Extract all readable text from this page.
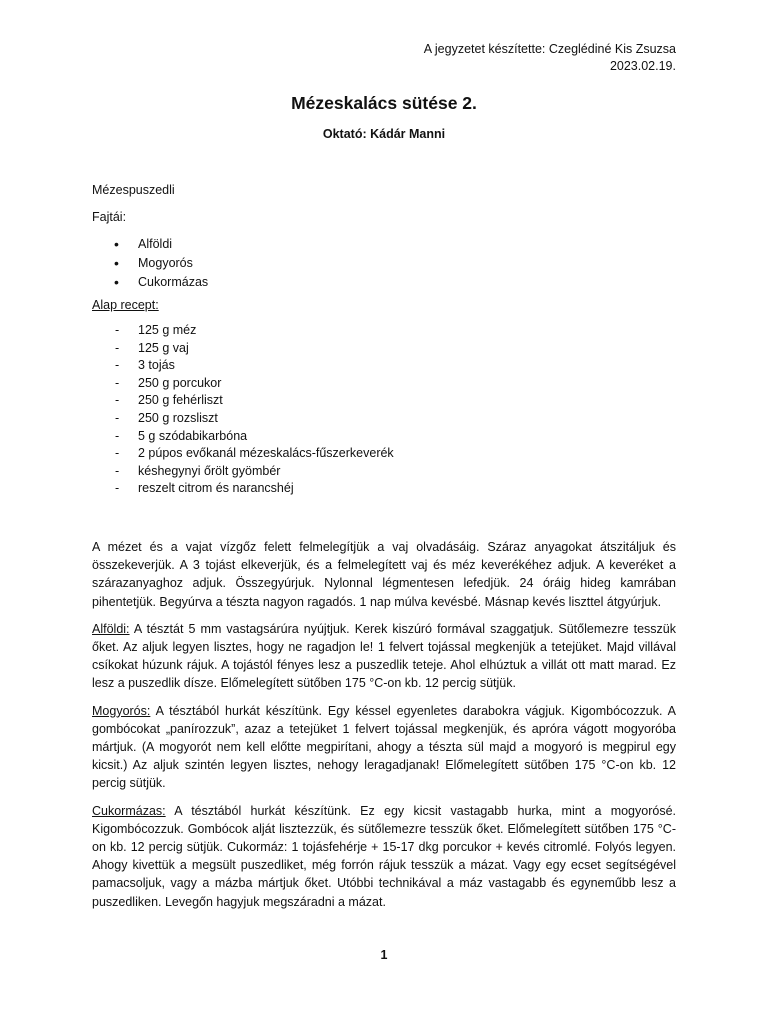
A jegyzetet készítette: Czeglédiné Kis Zsuzsa
2023.02.19.
Mézeskalács sütése 2.
Oktató: Kádár Manni

Mézespuszedli

Fajtái:

• Alföldi
• Mogyorós
• Cukormázas

Alap recept:

- 125 g méz
- 125 g vaj
- 3 tojás
- 250 g porcukor
- 250 g fehérliszt
- 250 g rozsliszt
- 5 g szódabikarbóna
- 2 púpos evőkanál mézeskalács-fűszerkeverék
- késhegynyi őrölt gyömbér
- reszelt citrom és narancshéj

A mézet és a vajat vízgőz felett felmelegítjük a vaj olvadásáig. Száraz anyagokat átszitáljuk és összekeverjük. A 3 tojást elkeverjük, és a felmelegített vaj és méz keverékéhez adjuk. A keveréket a szárazanyaghoz adjuk. Összegyúrjuk. Nylonnal légmentesen lefedjük. 24 óráig hideg kamrában pihentetjük. Begyúrva a tészta nagyon ragadós. 1 nap múlva kevésbé. Másnap kevés liszttel átgyúrjuk.

Alföldi: A tésztát 5 mm vastagsárúra nyújtjuk. Kerek kiszúró formával szaggatjuk. Sütőlemezre tesszük őket. Az aljuk legyen lisztes, hogy ne ragadjon le! 1 felvert tojással megkenjük a tetejüket. Majd villával csíkokat húzunk rájuk. A tojástól fényes lesz a puszedlik teteje. Ahol elhúztuk a villát ott matt marad. Ez lesz a puszedlik dísze. Előmelegített sütőben 175 °C-on kb. 12 percig sütjük.

Mogyorós: A tésztából hurkát készítünk. Egy késsel egyenletes darabokra vágjuk. Kigombócozzuk. A gombócokat „panírozzuk”, azaz a tetejüket 1 felvert tojással megkenjük, és apróra vágott mogyoróba mártjuk. (A mogyorót nem kell előtte megpirítani, ahogy a tészta sül majd a mogyoró is megpirul egy kicsit.) Az aljuk szintén legyen lisztes, nehogy leragadjanak! Előmelegített sütőben 175 °C-on kb. 12 percig sütjük.

Cukormázas: A tésztából hurkát készítünk. Ez egy kicsit vastagabb hurka, mint a mogyorósé. Kigombócozzuk. Gombócok alját lisztezzük, és sütőlemezre tesszük őket. Előmelegített sütőben 175 °C-on kb. 12 percig sütjük. Cukormáz: 1 tojásfehérje + 15-17 dkg porcukor + kevés citromlé. Folyós legyen. Ahogy kivettük a megsült puszedliket, még forrón rájuk tesszük a mázat. Vagy egy ecset segítségével pamacsoljuk, vagy a mázba mártjuk őket. Utóbbi technikával a máz vastagabb és egyneműbb lesz a puszedliken. Levegőn hagyjuk megszáradni a mázat.

1
